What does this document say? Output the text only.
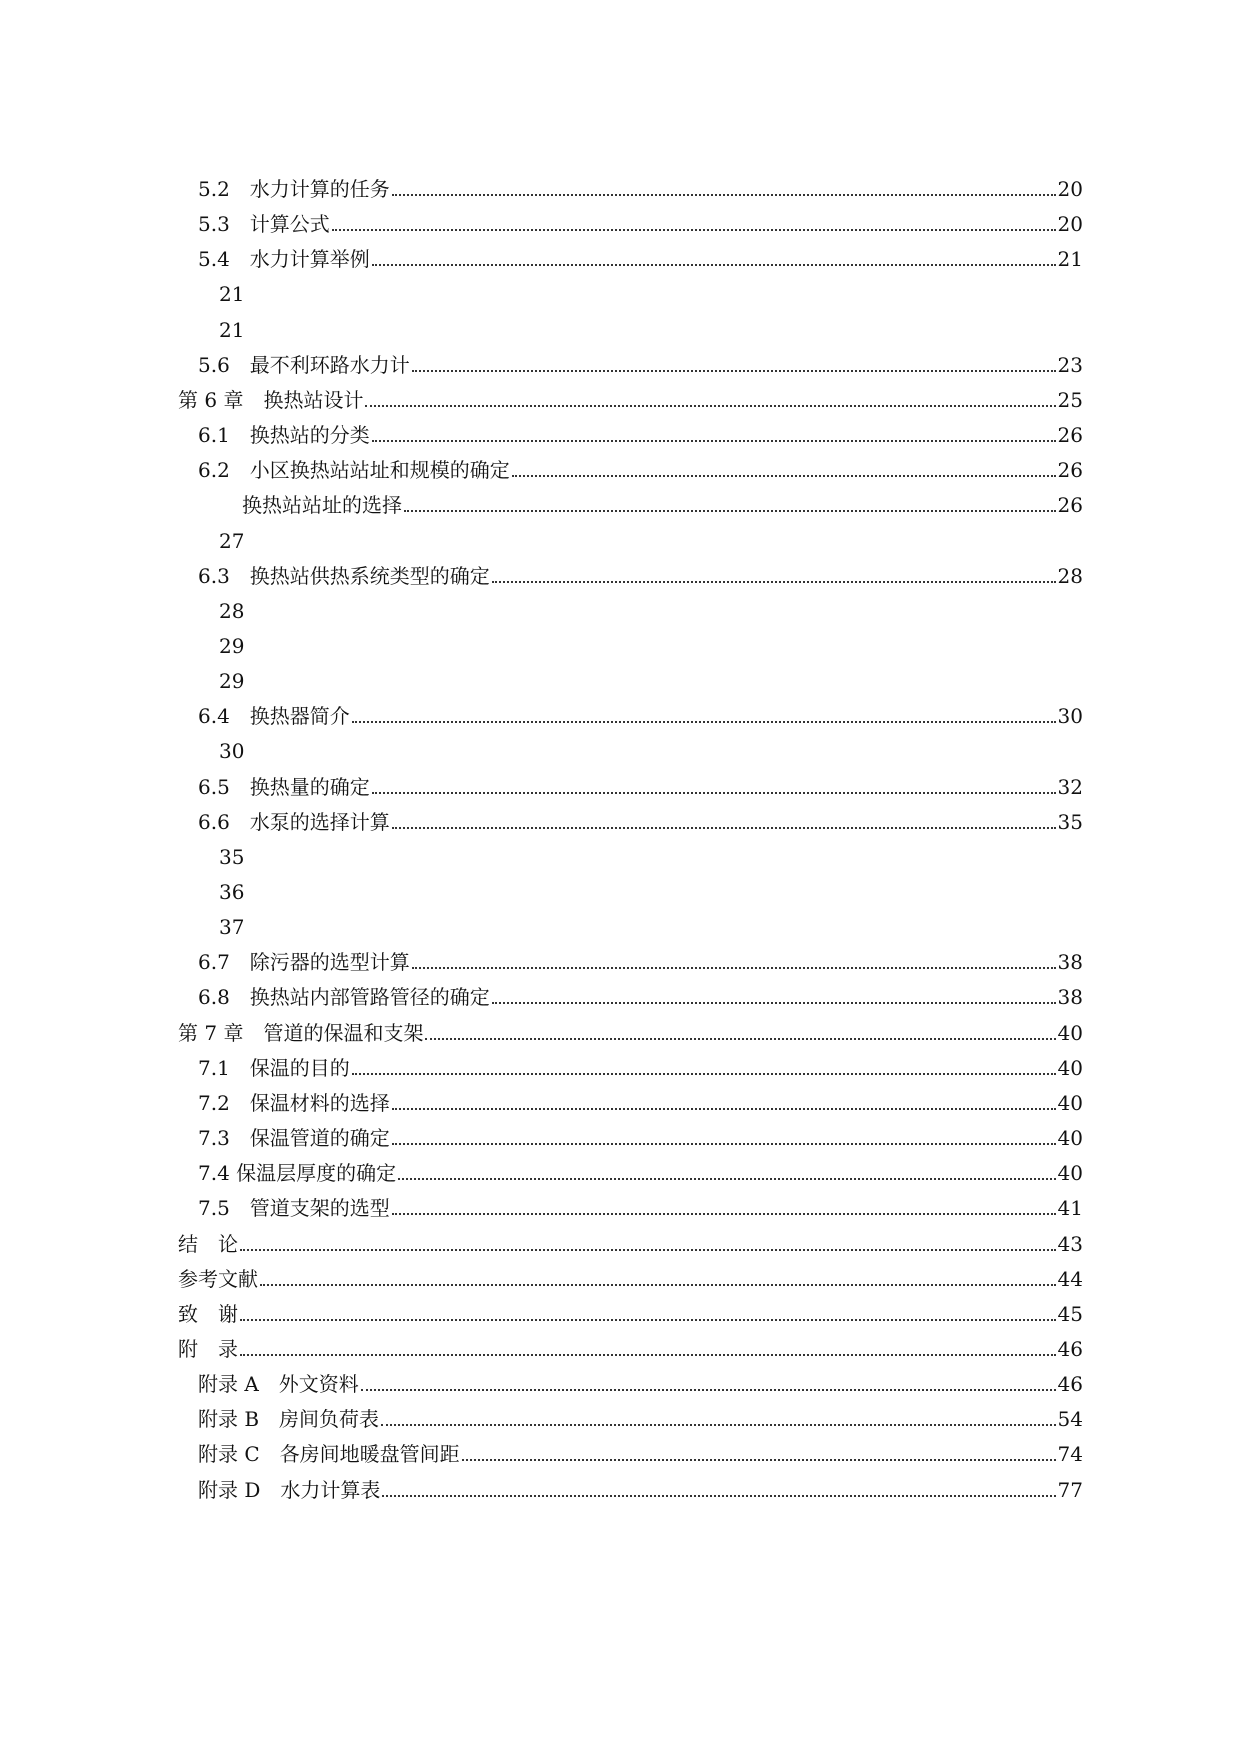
5.2　水力计算的任务	20
5.3　计算公式	20
5.4　水力计算举例	21
21
21
5.6　最不利环路水力计	23
第 6 章　换热站设计	25
6.1　换热站的分类	26
6.2　小区换热站站址和规模的确定	26
换热站站址的选择	26
27
6.3　换热站供热系统类型的确定	28
28
29
29
6.4　换热器简介	30
30
6.5　换热量的确定	32
6.6　水泵的选择计算	35
35
36
37
6.7　除污器的选型计算	38
6.8　换热站内部管路管径的确定	38
第 7 章　管道的保温和支架	40
7.1　保温的目的	40
7.2　保温材料的选择	40
7.3　保温管道的确定	40
7.4 保温层厚度的确定	40
7.5　管道支架的选型	41
结　论	43
参考文献	44
致　谢	45
附　录	46
附录 A　外文资料	46
附录 B　房间负荷表	54
附录 C　各房间地暖盘管间距	74
附录 D　水力计算表	77
